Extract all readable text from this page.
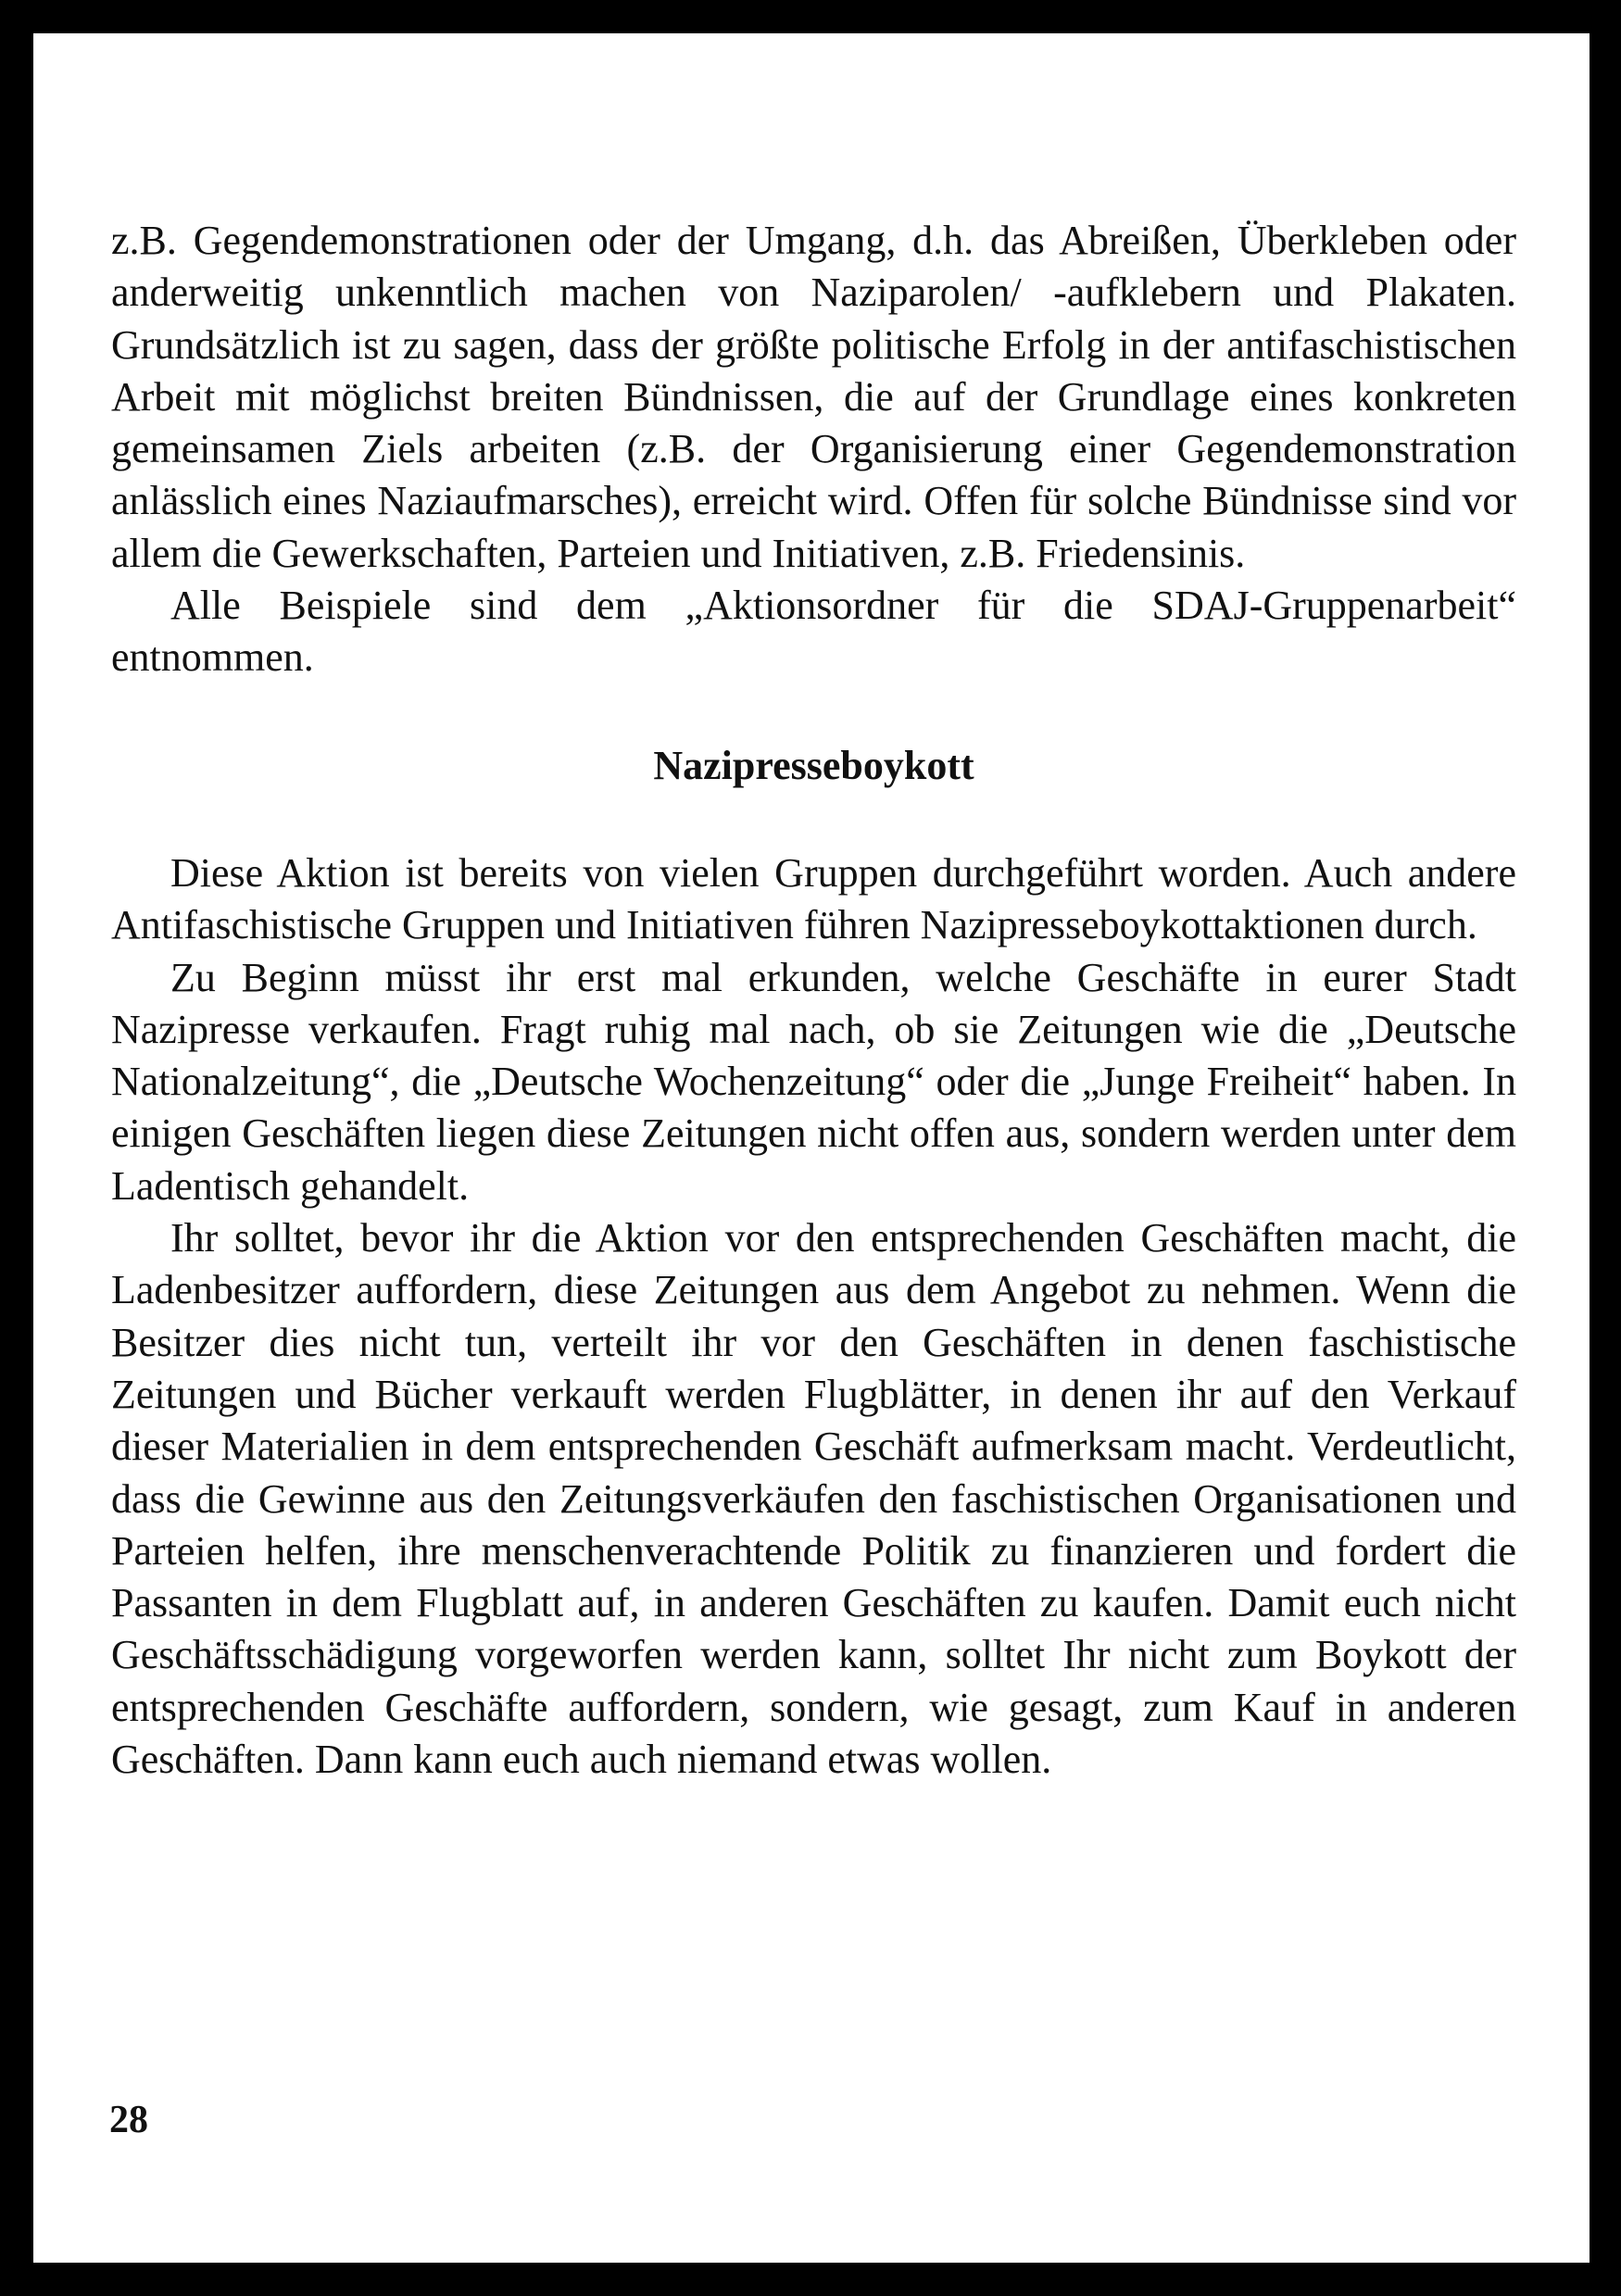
z.B. Gegendemonstrationen oder der Umgang, d.h. das Abreißen, Überkleben oder anderweitig unkenntlich machen von Naziparolen/ -aufklebern und Plakaten. Grundsätzlich ist zu sagen, dass der größte politische Erfolg in der antifaschistischen Arbeit mit möglichst breiten Bündnissen, die auf der Grundlage eines konkreten gemeinsamen Ziels arbeiten (z.B. der Organisierung einer Gegendemonstration anlässlich eines Naziaufmarsches), erreicht wird. Offen für solche Bündnisse sind vor allem die Gewerkschaften, Parteien und Initiativen, z.B. Friedensinis.

Alle Beispiele sind dem „Aktionsordner für die SDAJ-Gruppenarbeit“ entnommen.

Nazipresseboykott

Diese Aktion ist bereits von vielen Gruppen durchgeführt worden. Auch andere Antifaschistische Gruppen und Initiativen führen Nazipresseboykottaktionen durch.

Zu Beginn müsst ihr erst mal erkunden, welche Geschäfte in eurer Stadt Nazipresse verkaufen. Fragt ruhig mal nach, ob sie Zeitungen wie die „Deutsche Nationalzeitung“, die „Deutsche Wochenzeitung“ oder die „Junge Freiheit“ haben. In einigen Geschäften liegen diese Zeitungen nicht offen aus, sondern werden unter dem Ladentisch gehandelt.

Ihr solltet, bevor ihr die Aktion vor den entsprechenden Geschäften macht, die Ladenbesitzer auffordern, diese Zeitungen aus dem Angebot zu nehmen. Wenn die Besitzer dies nicht tun, verteilt ihr vor den Geschäften in denen faschistische Zeitungen und Bücher verkauft werden Flugblätter, in denen ihr auf den Verkauf dieser Materialien in dem entsprechenden Geschäft aufmerksam macht. Verdeutlicht, dass die Gewinne aus den Zeitungsverkäufen den faschistischen Organisationen und Parteien helfen, ihre menschenverachtende Politik zu finanzieren und fordert die Passanten in dem Flugblatt auf, in anderen Geschäften zu kaufen. Damit euch nicht Geschäftsschädigung vorgeworfen werden kann, solltet Ihr nicht zum Boykott der entsprechenden Geschäfte auffordern, sondern, wie gesagt, zum Kauf in anderen Geschäften. Dann kann euch auch niemand etwas wollen.

28
